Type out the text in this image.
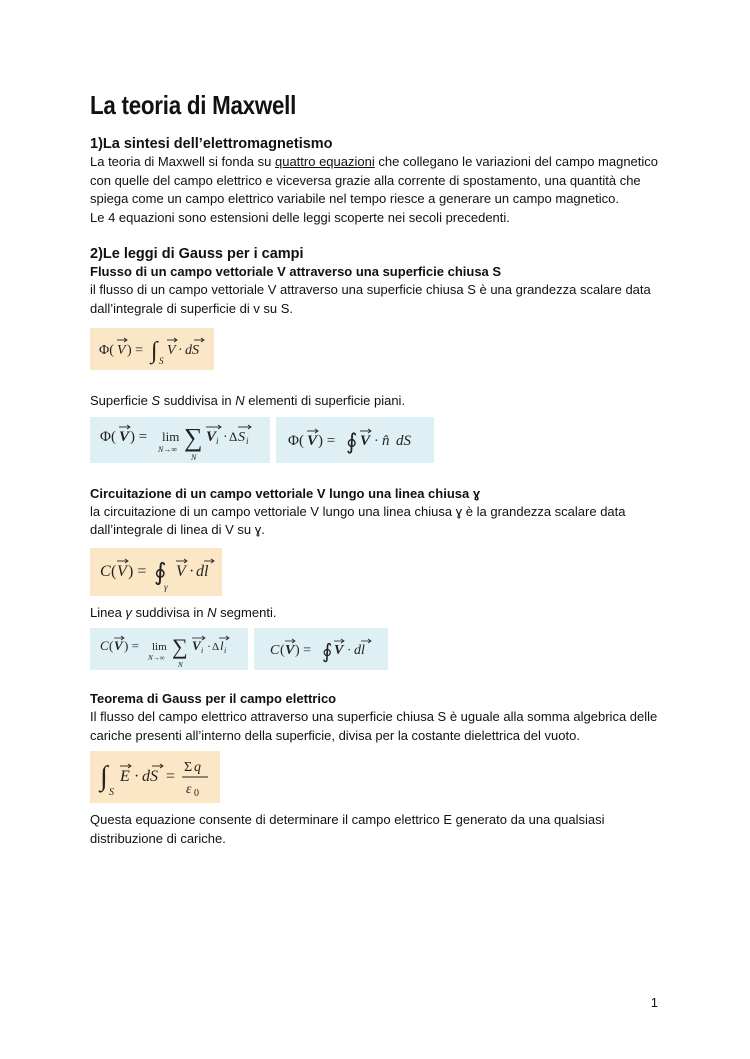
La teoria di Maxwell
1)La sintesi dell’elettromagnetismo

La teoria di Maxwell si fonda su quattro equazioni che collegano le variazioni del campo magnetico con quelle del campo elettrico e viceversa grazie alla corrente di spostamento, una quantità che spiega come un campo elettrico variabile nel tempo riesce a generare un campo magnetico.

Le 4 equazioni sono estensioni delle leggi scoperte nei secoli precedenti.

2)Le leggi di Gauss per i campi
Flusso di un campo vettoriale V attraverso una superficie chiusa S

il flusso di un campo vettoriale V attraverso una superficie chiusa S è una grandezza scalare data dall’integrale di superficie di v su S.

Φ( V ) = ∫ S
V · dS

Superficie S suddivisa in N elementi di superficie piani.

Φ( V ) = lim
N→∞ ∑
N
V i · Δ S i	Φ( V ) = ∮ V · n̂ dS
Circuitazione di un campo vettoriale V lungo una linea chiusa ɣ

la circuitazione di un campo vettoriale V lungo una linea chiusa ɣ è la grandezza scalare data dall’integrale di linea di V su ɣ.

C ( V ) = ∮
γ
V · dl

Linea γ suddivisa in N segmenti.

C ( V ) = lim
N→∞ ∑
N
V i · Δ l i	C ( V ) = ∮ V · dl
Teorema di Gauss per il campo elettrico

Il flusso del campo elettrico attraverso una superficie chiusa S è uguale alla somma algebrica delle cariche presenti all’interno della superficie, divisa per la costante dielettrica del vuoto.

∫
S
E · dS =
Σ q
ε 0

Questa equazione consente di determinare il campo elettrico E generato da una qualsiasi distribuzione di cariche.

1
